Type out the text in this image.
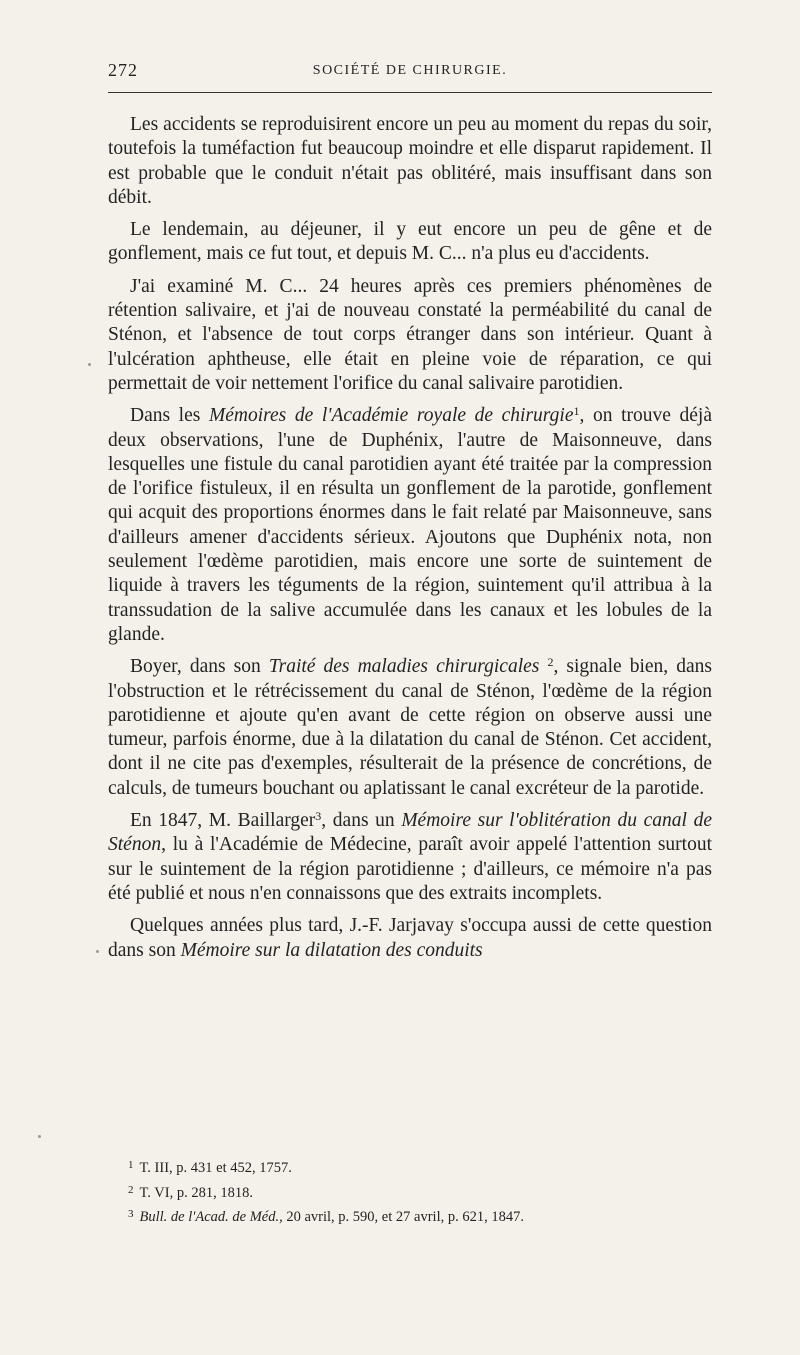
272	SOCIÉTÉ DE CHIRURGIE.

Les accidents se reproduisirent encore un peu au moment du repas du soir, toutefois la tuméfaction fut beaucoup moindre et elle disparut rapidement. Il est probable que le conduit n'était pas oblitéré, mais insuffisant dans son débit.

Le lendemain, au déjeuner, il y eut encore un peu de gêne et de gonflement, mais ce fut tout, et depuis M. C... n'a plus eu d'accidents.

J'ai examiné M. C... 24 heures après ces premiers phénomènes de rétention salivaire, et j'ai de nouveau constaté la perméabilité du canal de Sténon, et l'absence de tout corps étranger dans son intérieur. Quant à l'ulcération aphtheuse, elle était en pleine voie de réparation, ce qui permettait de voir nettement l'orifice du canal salivaire parotidien.

Dans les Mémoires de l'Académie royale de chirurgie$^1$, on trouve déjà deux observations, l'une de Duphénix, l'autre de Maisonneuve, dans lesquelles une fistule du canal parotidien ayant été traitée par la compression de l'orifice fistuleux, il en résulta un gonflement de la parotide, gonflement qui acquit des proportions énormes dans le fait relaté par Maisonneuve, sans d'ailleurs amener d'accidents sérieux. Ajoutons que Duphénix nota, non seulement l'œdème parotidien, mais encore une sorte de suintement de liquide à travers les téguments de la région, suintement qu'il attribua à la transsudation de la salive accumulée dans les canaux et les lobules de la glande.

Boyer, dans son Traité des maladies chirurgicales $^2$, signale bien, dans l'obstruction et le rétrécissement du canal de Sténon, l'œdème de la région parotidienne et ajoute qu'en avant de cette région on observe aussi une tumeur, parfois énorme, due à la dilatation du canal de Sténon. Cet accident, dont il ne cite pas d'exemples, résulterait de la présence de concrétions, de calculs, de tumeurs bouchant ou aplatissant le canal excréteur de la parotide.

En 1847, M. Baillarger$^3$, dans un Mémoire sur l'oblitération du canal de Sténon, lu à l'Académie de Médecine, paraît avoir appelé l'attention surtout sur le suintement de la région parotidienne ; d'ailleurs, ce mémoire n'a pas été publié et nous n'en connaissons que des extraits incomplets.

Quelques années plus tard, J.-F. Jarjavay s'occupa aussi de cette question dans son Mémoire sur la dilatation des conduits

$^1$ T. III, p. 431 et 452, 1757.

$^2$ T. VI, p. 281, 1818.

$^3$ Bull. de l'Acad. de Méd., 20 avril, p. 590, et 27 avril, p. 621, 1847.
